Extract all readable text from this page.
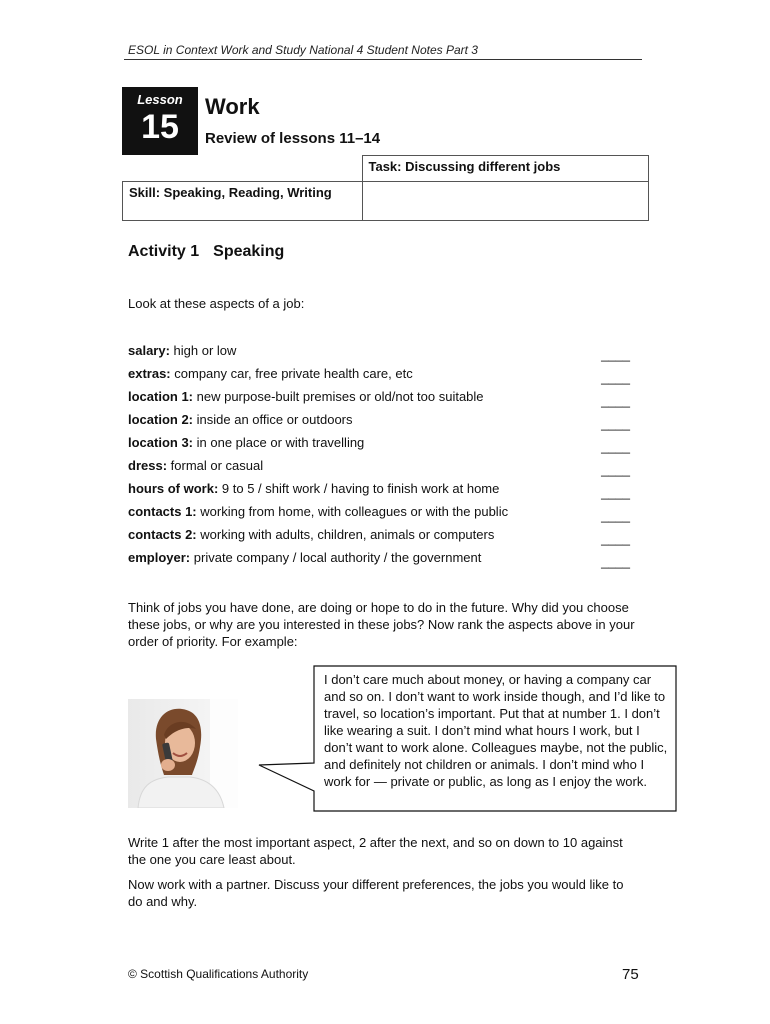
ESOL in Context Work and Study National 4 Student Notes Part 3
Lesson
15
Work
Review of lessons 11–14
	Task: Discussing different jobs
Skill: Speaking, Reading, Writing	
Activity 1 Speaking
Look at these aspects of a job:
salary: high or low	____
extras: company car, free private health care, etc	____
location 1: new purpose-built premises or old/not too suitable	____
location 2: inside an office or outdoors	____
location 3: in one place or with travelling	____
dress: formal or casual	____
hours of work: 9 to 5 / shift work / having to finish work at home	____
contacts 1: working from home, with colleagues or with the public	____
contacts 2: working with adults, children, animals or computers	____
employer: private company / local authority / the government	____
Think of jobs you have done, are doing or hope to do in the future. Why did you choose these jobs, or why are you interested in these jobs? Now rank the aspects above in your order of priority. For example:
I don’t care much about money, or having a company car and so on. I don’t want to work inside though, and I’d like to travel, so location’s important. Put that at number 1. I don’t like wearing a suit. I don’t mind what hours I work, but I don’t want to work alone. Colleagues maybe, not the public, and definitely not children or animals. I don’t mind who I work for — private or public, as long as I enjoy the work.
Write 1 after the most important aspect, 2 after the next, and so on down to 10 against the one you care least about.
Now work with a partner. Discuss your different preferences, the jobs you would like to do and why.
© Scottish Qualifications Authority	75
